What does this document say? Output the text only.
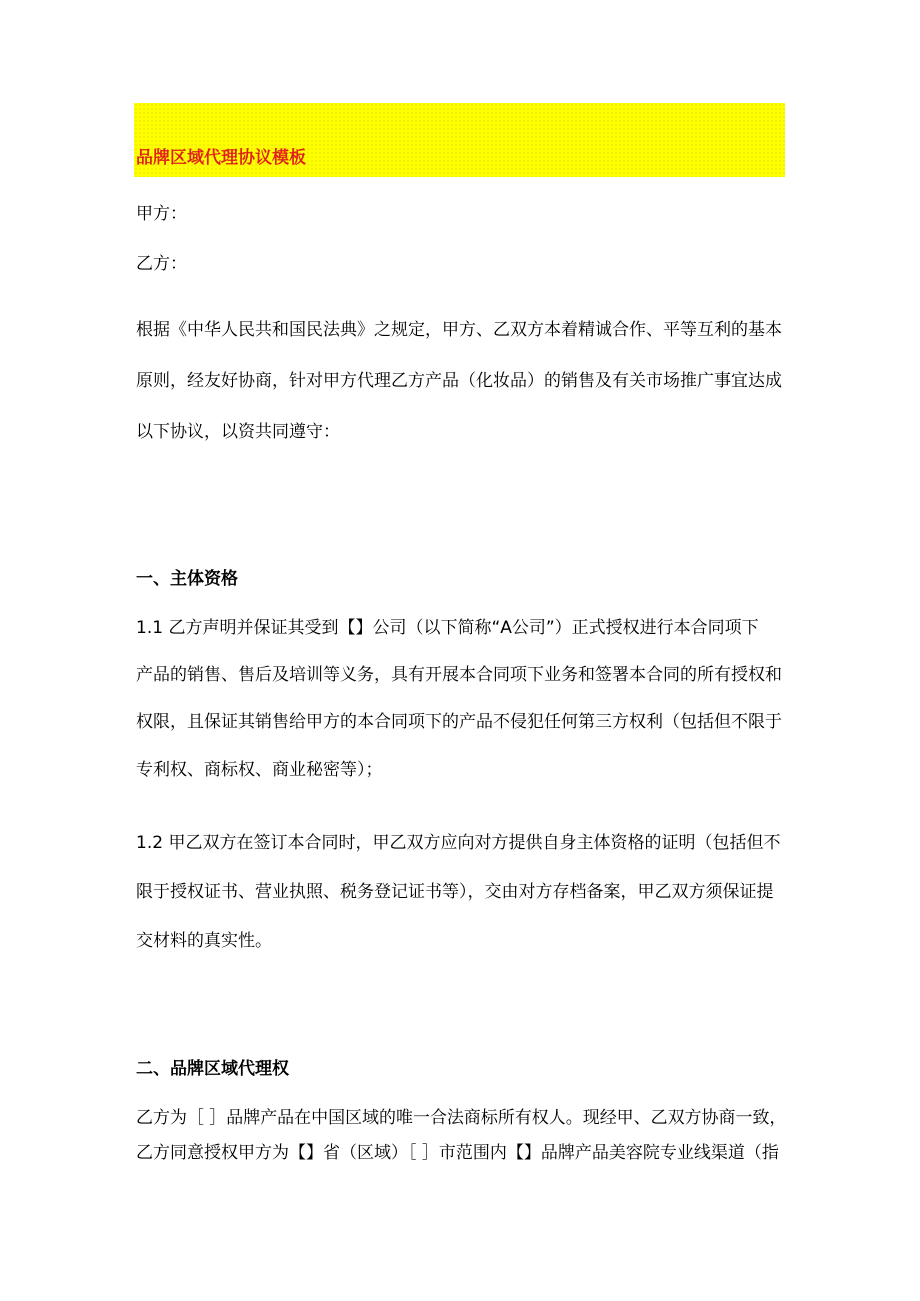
品牌区域代理协议模板
甲方：
乙方：
根据《中华人民共和国民法典》之规定，甲方、乙双方本着精诚合作、平等互利的基本
原则，经友好协商，针对甲方代理乙方产品（化妆品）的销售及有关市场推广事宜达成
以下协议，以资共同遵守：
一、主体资格
1.1 乙方声明并保证其受到【】公司（以下简称“A公司”）正式授权进行本合同项下
产品的销售、售后及培训等义务，具有开展本合同项下业务和签署本合同的所有授权和
权限，且保证其销售给甲方的本合同项下的产品不侵犯任何第三方权利（包括但不限于
专利权、商标权、商业秘密等）；
1.2 甲乙双方在签订本合同时，甲乙双方应向对方提供自身主体资格的证明（包括但不
限于授权证书、营业执照、税务登记证书等），交由对方存档备案，甲乙双方须保证提
交材料的真实性。
二、品牌区域代理权
乙方为［ ］品牌产品在中国区域的唯一合法商标所有权人。现经甲、乙双方协商一致，
乙方同意授权甲方为【】省（区域）［ ］市范围内【】品牌产品美容院专业线渠道（指
